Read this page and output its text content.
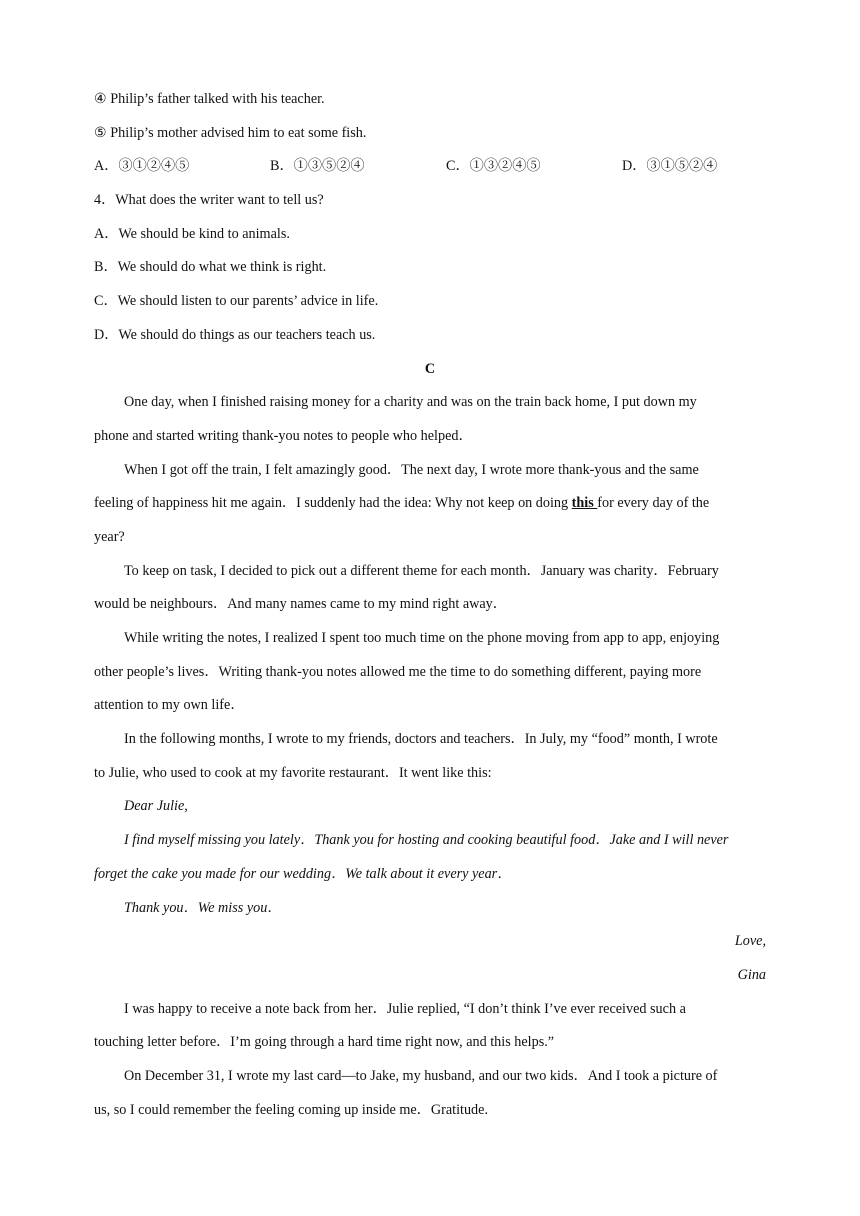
④ Philip’s father talked with his teacher.
⑤ Philip’s mother advised him to eat some fish.
A．③①②④⑤	B．①③⑤②④	C．①③②④⑤	D．③①⑤②④
4．What does the writer want to tell us?
A．We should be kind to animals.
B．We should do what we think is right.
C．We should listen to our parents’ advice in life.
D．We should do things as our teachers teach us.
C
One day, when I finished raising money for a charity and was on the train back home, I put down my
phone and started writing thank-you notes to people who helped．
When I got off the train, I felt amazingly good．The next day, I wrote more thank-yous and the same
feeling of happiness hit me again．I suddenly had the idea: Why not keep on doing this for every day of the
year?
To keep on task, I decided to pick out a different theme for each month．January was charity．February
would be neighbours．And many names came to my mind right away．
While writing the notes, I realized I spent too much time on the phone moving from app to app, enjoying
other people’s lives．Writing thank-you notes allowed me the time to do something different, paying more
attention to my own life．
In the following months, I wrote to my friends, doctors and teachers．In July, my “food” month, I wrote
to Julie, who used to cook at my favorite restaurant．It went like this:
Dear Julie,
I find myself missing you lately．Thank you for hosting and cooking beautiful food．Jake and I will never
forget the cake you made for our wedding．We talk about it every year．
Thank you．We miss you．
Love,
Gina
I was happy to receive a note back from her．Julie replied, “I don’t think I’ve ever received such a
touching letter before．I’m going through a hard time right now, and this helps.”
On December 31, I wrote my last card—to Jake, my husband, and our two kids．And I took a picture of
us, so I could remember the feeling coming up inside me．Gratitude.
